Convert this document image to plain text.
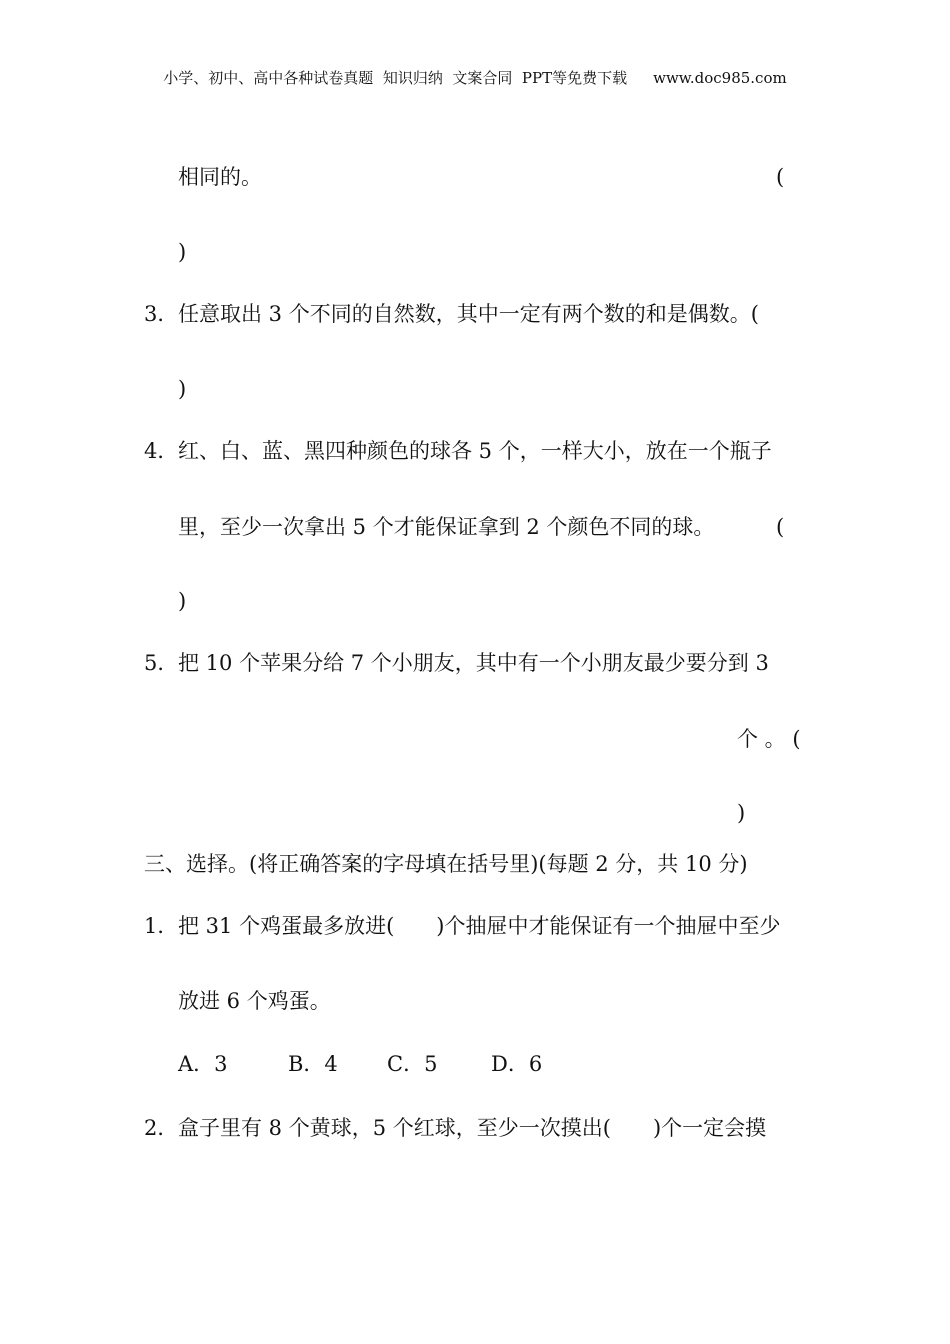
小学、初中、高中各种试卷真题  知识归纳  文案合同  PPT等免费下载 www.doc985.com
相同的。	(
)
3． 任意取出 3 个不同的自然数，其中一定有两个数的和是偶数。(
)
4． 红、白、蓝、黑四种颜色的球各 5 个，一样大小，放在一个瓶子
里，至少一次拿出 5 个才能保证拿到 2 个颜色不同的球。	(
)
5． 把 10 个苹果分给 7 个小朋友，其中有一个小朋友最少要分到 3
个 。 (
)
三、选择。(将正确答案的字母填在括号里)(每题 2 分，共 10 分)
1． 把 31 个鸡蛋最多放进(　　)个抽屉中才能保证有一个抽屉中至少
放进 6 个鸡蛋。
A．3	B．4 C．5	D．6
2． 盒子里有 8 个黄球，5 个红球，至少一次摸出(　　)个一定会摸
